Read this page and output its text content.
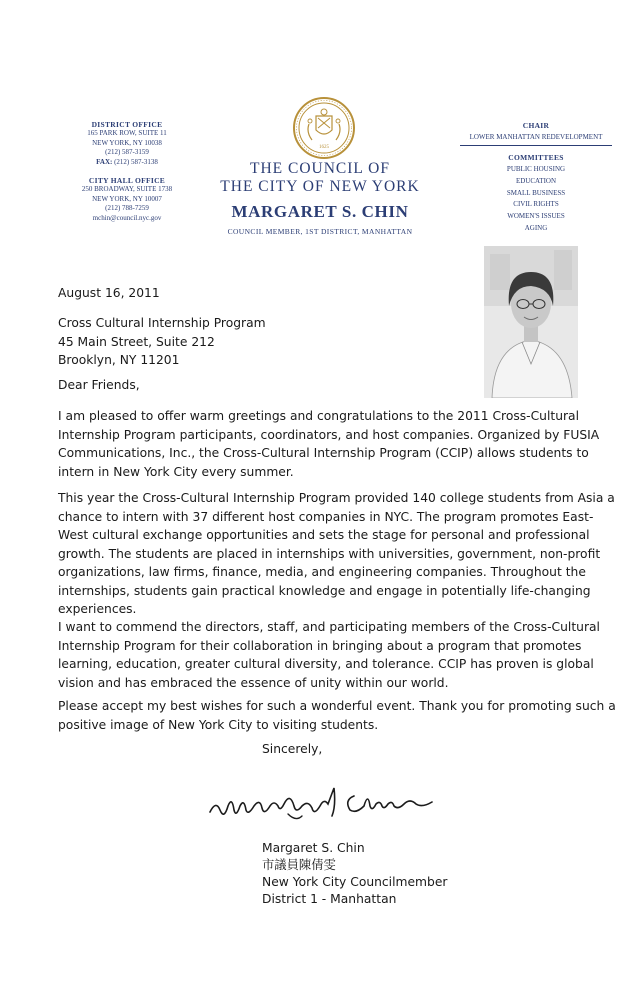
DISTRICT OFFICE
165 PARK ROW, SUITE 11
NEW YORK, NY 10038
(212) 587-3159
FAX: (212) 587-3138
CITY HALL OFFICE
250 BROADWAY, SUITE 1738
NEW YORK, NY 10007
(212) 788-7259
mchin@council.nyc.gov
1625
THE COUNCIL OF
THE CITY OF NEW YORK
MARGARET S. CHIN
COUNCIL MEMBER, 1ST DISTRICT, MANHATTAN
CHAIR
LOWER MANHATTAN REDEVELOPMENT
COMMITTEES
PUBLIC HOUSING
EDUCATION
SMALL BUSINESS
CIVIL RIGHTS
WOMEN'S ISSUES
AGING
August 16, 2011
Cross Cultural Internship Program
45 Main Street, Suite 212
Brooklyn, NY 11201
Dear Friends,
I am pleased to offer warm greetings and congratulations to the 2011 Cross-Cultural
Internship Program participants, coordinators, and host companies. Organized by FUSIA
Communications, Inc., the Cross-Cultural Internship Program (CCIP) allows students to
intern in New York City every summer.
This year the Cross-Cultural Internship Program provided 140 college students from Asia a
chance to intern with 37 different host companies in NYC. The program promotes East-
West cultural exchange opportunities and sets the stage for personal and professional
growth. The students are placed in internships with universities, government, non-profit
organizations, law firms, finance, media, and engineering companies. Throughout the
internships, students gain practical knowledge and engage in potentially life-changing
experiences.
I want to commend the directors, staff, and participating members of the Cross-Cultural
Internship Program for their collaboration in bringing about a program that promotes
learning, education, greater cultural diversity, and tolerance. CCIP has proven is global
vision and has embraced the essence of unity within our world.
Please accept my best wishes for such a wonderful event. Thank you for promoting such a
positive image of New York City to visiting students.
Sincerely,
Margaret S. Chin
市議員陳倩雯
New York City Councilmember
District 1 - Manhattan
